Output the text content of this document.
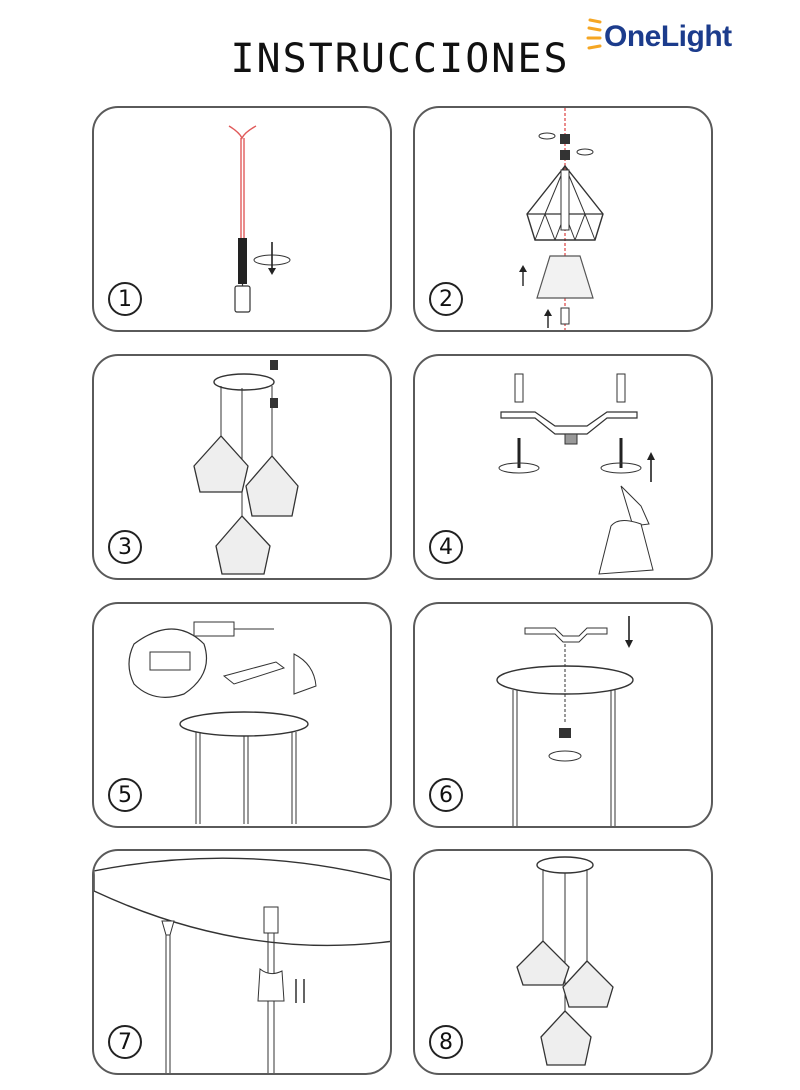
INSTRUCCIONES	OneLight
1	2
3	4
5	6
7	8
